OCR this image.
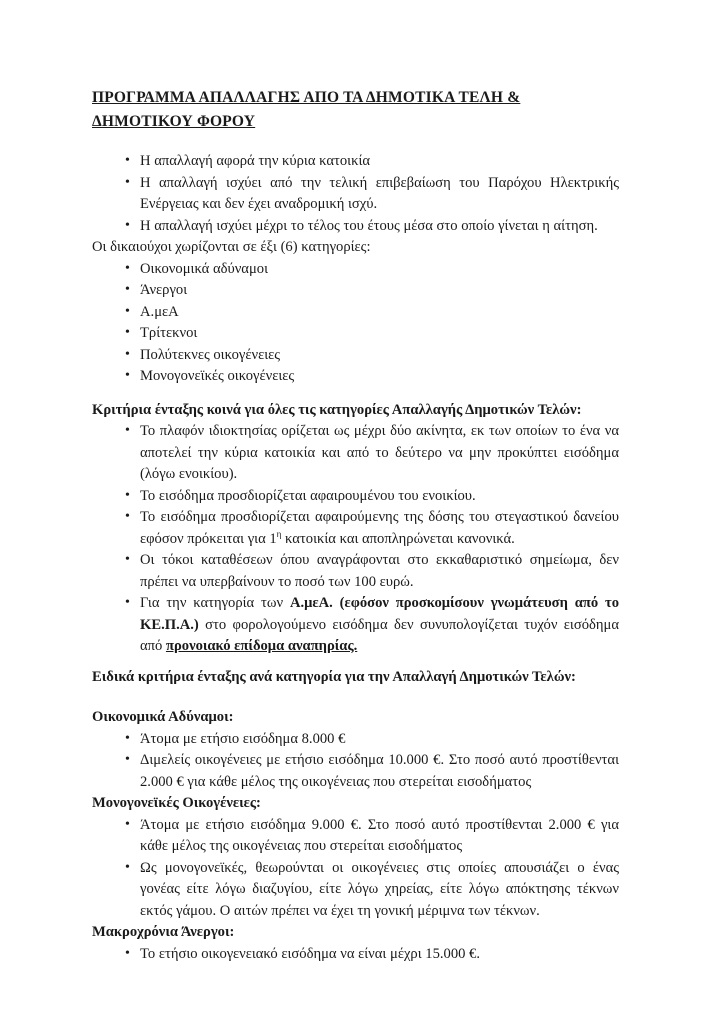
ΠΡΟΓΡΑΜΜΑ ΑΠΑΛΛΑΓΗΣ ΑΠΟ ΤΑ ΔΗΜΟΤΙΚΑ ΤΕΛΗ & ΔΗΜΟΤΙΚΟΥ ΦΟΡΟΥ
• Η απαλλαγή αφορά την κύρια κατοικία
• Η απαλλαγή ισχύει από την τελική επιβεβαίωση του Παρόχου Ηλεκτρικής Ενέργειας και δεν έχει αναδρομική ισχύ.
• Η απαλλαγή ισχύει μέχρι το τέλος του έτους μέσα στο οποίο γίνεται η αίτηση.
Οι δικαιούχοι χωρίζονται σε έξι (6) κατηγορίες:
• Οικονομικά αδύναμοι
• Άνεργοι
• Α.μεΑ
• Τρίτεκνοι
• Πολύτεκνες οικογένειες
• Μονογονεϊκές οικογένειες
Κριτήρια ένταξης κοινά για όλες τις κατηγορίες Απαλλαγής Δημοτικών Τελών:
• Το πλαφόν ιδιοκτησίας ορίζεται ως μέχρι δύο ακίνητα, εκ των οποίων το ένα να αποτελεί την κύρια κατοικία και από το δεύτερο να μην προκύπτει εισόδημα (λόγω ενοικίου).
• Το εισόδημα προσδιορίζεται αφαιρουμένου του ενοικίου.
• Το εισόδημα προσδιορίζεται αφαιρούμενης της δόσης του στεγαστικού δανείου εφόσον πρόκειται για $1^\eta$ κατοικία και αποπληρώνεται κανονικά.
• Οι τόκοι καταθέσεων όπου αναγράφονται στο εκκαθαριστικό σημείωμα, δεν πρέπει να υπερβαίνουν το ποσό των 100 ευρώ.
• Για την κατηγορία των Α.μεΑ. (εφόσον προσκομίσουν γνωμάτευση από το ΚΕ.Π.Α.) στο φορολογούμενο εισόδημα δεν συνυπολογίζεται τυχόν εισόδημα από προνοιακό επίδομα αναπηρίας.
Ειδικά κριτήρια ένταξης ανά κατηγορία για την Απαλλαγή Δημοτικών Τελών:
Οικονομικά Αδύναμοι:
• Άτομα με ετήσιο εισόδημα 8.000 €
• Διμελείς οικογένειες με ετήσιο εισόδημα 10.000 €. Στο ποσό αυτό προστίθενται 2.000 € για κάθε μέλος της οικογένειας που στερείται εισοδήματος
Μονογονεϊκές Οικογένειες:
• Άτομα με ετήσιο εισόδημα 9.000 €. Στο ποσό αυτό προστίθενται 2.000 € για κάθε μέλος της οικογένειας που στερείται εισοδήματος
• Ως μονογονεϊκές, θεωρούνται οι οικογένειες στις οποίες απουσιάζει ο ένας γονέας είτε λόγω διαζυγίου, είτε λόγω χηρείας, είτε λόγω απόκτησης τέκνων εκτός γάμου. Ο αιτών πρέπει να έχει τη γονική μέριμνα των τέκνων.
Μακροχρόνια Άνεργοι:
• Το ετήσιο οικογενειακό εισόδημα να είναι μέχρι 15.000 €.
